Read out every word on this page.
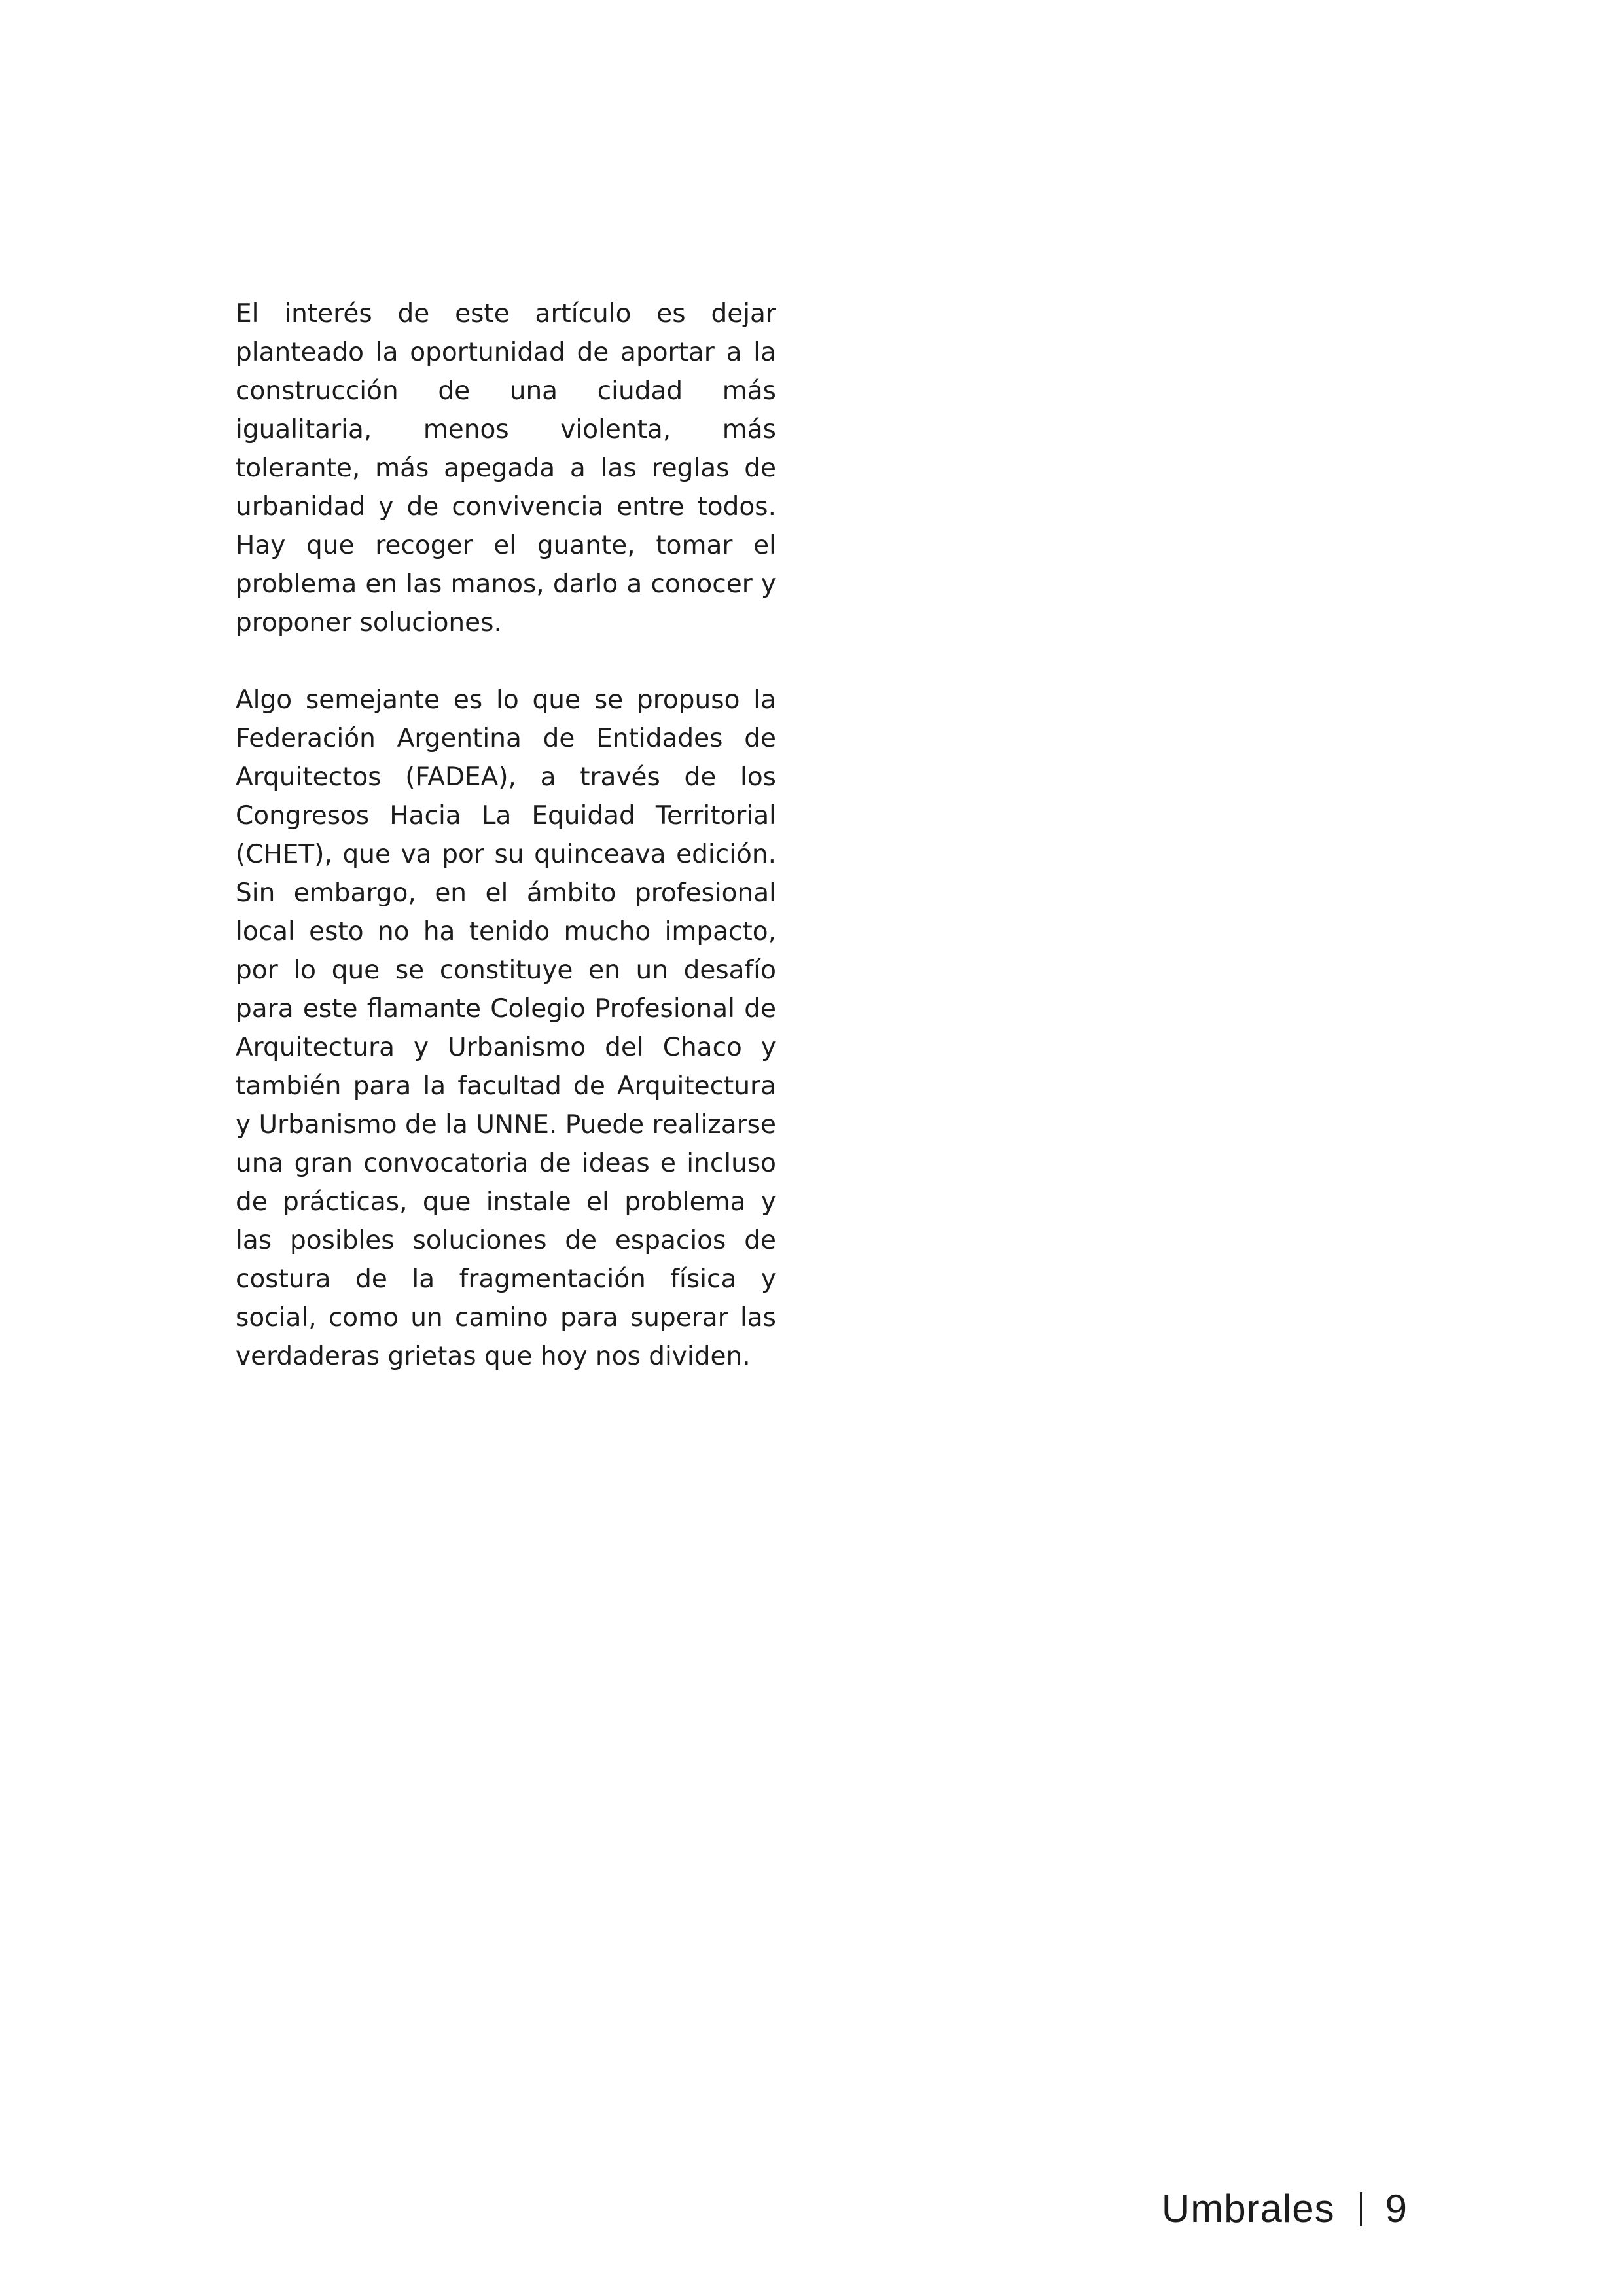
El interés de este artículo es dejar planteado la oportunidad de aportar a la construcción de una ciudad más igualitaria, menos violenta, más tolerante, más apegada a las reglas de urbanidad y de convivencia entre todos. Hay que recoger el guante, tomar el problema en las manos, darlo a conocer y proponer soluciones.

Algo semejante es lo que se propuso la Federación Argentina de Entidades de Arquitectos (FADEA), a través de los Congresos Hacia La Equidad Territorial (CHET), que va por su quinceava edición. Sin embargo, en el ámbito profesional local esto no ha tenido mucho impacto, por lo que se constituye en un desafío para este flamante Colegio Profesional de Arquitectura y Urbanismo del Chaco y también para la facultad de Arquitectura y Urbanismo de la UNNE. Puede realizarse una gran convocatoria de ideas e incluso de prácticas, que instale el problema y las posibles soluciones de espacios de costura de la fragmentación física y social, como un camino para superar las verdaderas grietas que hoy nos dividen.

Umbrales 9
